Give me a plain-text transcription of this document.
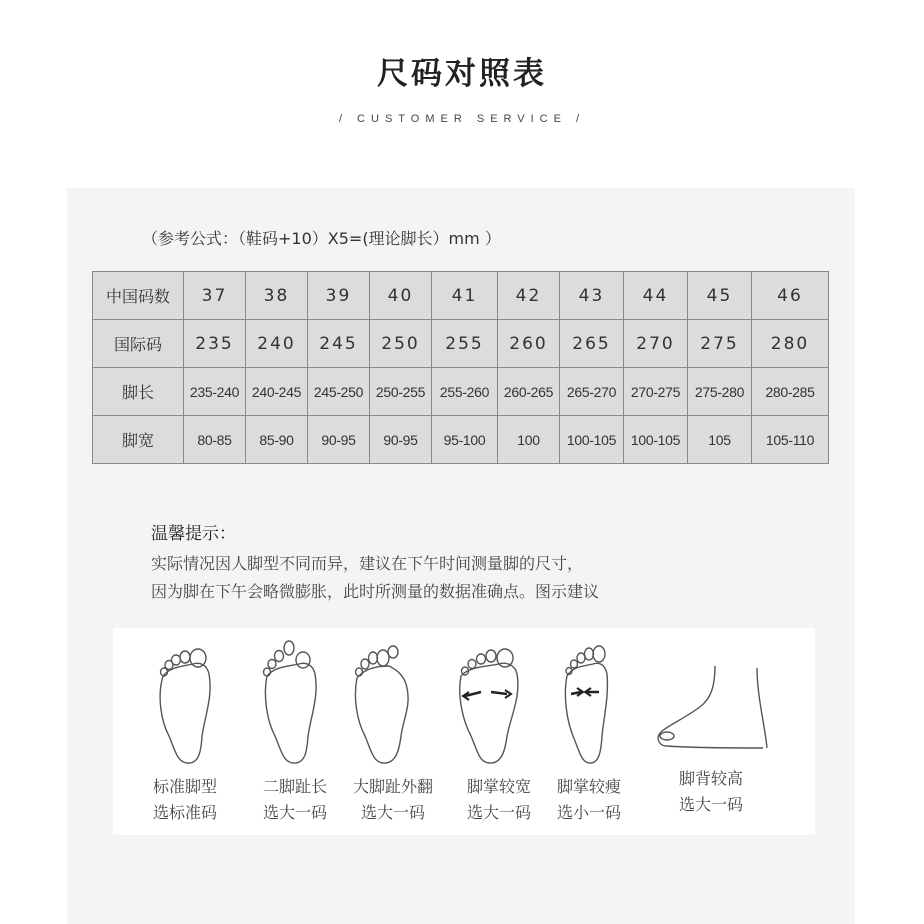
尺码对照表
/ CUSTOMER SERVICE /
（参考公式：（鞋码+10）X5=(理论脚长）mm ）
中国码数	37	38	39	40	41	42	43	44	45	46
国际码	235	240	245	250	255	260	265	270	275	280
脚长	235-240	240-245	245-250	250-255	255-260	260-265	265-270	270-275	275-280	280-285
脚宽	80-85	85-90	90-95	90-95	95-100	100	100-105	100-105	105	105-110
温馨提示：
实际情况因人脚型不同而异，建议在下午时间测量脚的尺寸，
因为脚在下午会略微膨胀，此时所测量的数据准确点。图示建议
标准脚型
选标准码
二脚趾长
选大一码
大脚趾外翻
选大一码
脚掌较宽
选大一码
脚掌较瘦
选小一码
脚背较高
选大一码
